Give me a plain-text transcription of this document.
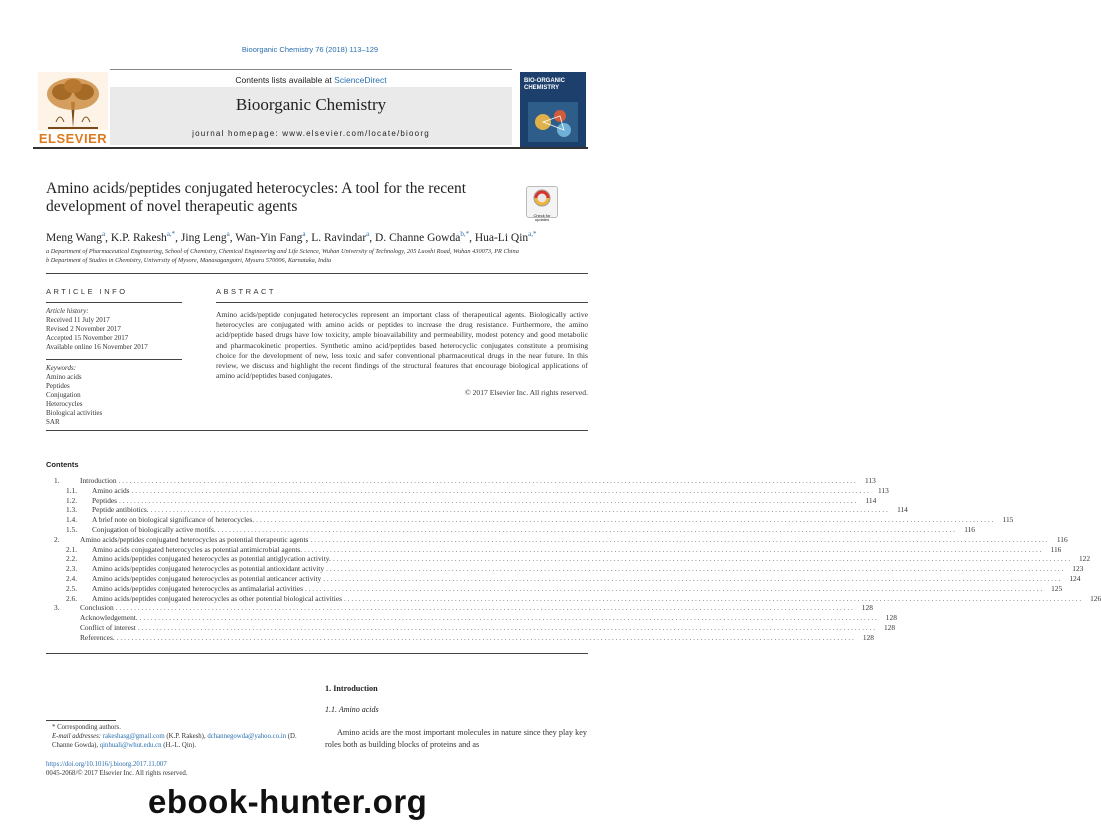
Bioorganic Chemistry 76 (2018) 113–129
ELSEVIER
Contents lists available at ScienceDirect
Bioorganic Chemistry
journal homepage: www.elsevier.com/locate/bioorg
BIO-ORGANIC CHEMISTRY
Amino acids/peptides conjugated heterocycles: A tool for the recent development of novel therapeutic agents
Check for updates
Meng Wang$^a$, K.P. Rakesh$^{a,*}$, Jing Leng$^a$, Wan-Yin Fang$^a$, L. Ravindar$^a$, D. Channe Gowda$^{b,*}$, Hua-Li Qin$^{a,*}$
a Department of Pharmaceutical Engineering, School of Chemistry, Chemical Engineering and Life Science, Wuhan University of Technology, 205 Luoshi Road, Wuhan 430073, PR China
b Department of Studies in Chemistry, University of Mysore, Manasagangotri, Mysuru 570006, Karnataka, India
ARTICLE INFO
Article history:
Received 11 July 2017
Revised 2 November 2017
Accepted 15 November 2017
Available online 16 November 2017
Keywords:
Amino acids
Peptides
Conjugation
Heterocycles
Biological activities
SAR
ABSTRACT
Amino acids/peptide conjugated heterocycles represent an important class of therapeutical agents. Biologically active heterocycles are conjugated with amino acids or peptides to increase the drug resistance. Furthermore, the amino acid/peptide based drugs have low toxicity, ample bioavailability and permeability, modest potency and good metabolic and pharmacokinetic properties. Synthetic amino acid/peptides based heterocyclic conjugates constitute a promising choice for the development of new, less toxic and safer conventional pharmaceutical drugs in the near future. In this review, we discuss and highlight the recent findings of the structural features that encourage biological applications of amino acid/peptides based conjugates.
© 2017 Elsevier Inc. All rights reserved.
Contents
1.	Introduction . . . . . . . . . . . . . . . . . . . . . . . . . . . . . . . . . . . . . . . . . . . . . . . . . . . . . . . . . . . . . . . . . . . . . . . . . . . . . . . . . . . . . . . . . . . . . . . . . . . . . . . . . . . . . . . . . . . . . . . . . . . . . . . . . . . . . . . . . . . . . . . . . . . . . . . . . . . . . . . . . . . . . . . . . . . . . . . . . . . . . . . . . . . . . . . . . . . . . . . .	113
1.1.	Amino acids . . . . . . . . . . . . . . . . . . . . . . . . . . . . . . . . . . . . . . . . . . . . . . . . . . . . . . . . . . . . . . . . . . . . . . . . . . . . . . . . . . . . . . . . . . . . . . . . . . . . . . . . . . . . . . . . . . . . . . . . . . . . . . . . . . . . . . . . . . . . . . . . . . . . . . . . . . . . . . . . . . . . . . . . . . . . . . . . . . . . . . . . . . . . . . . . . . . . . . . .	113
1.2.	Peptides . . . . . . . . . . . . . . . . . . . . . . . . . . . . . . . . . . . . . . . . . . . . . . . . . . . . . . . . . . . . . . . . . . . . . . . . . . . . . . . . . . . . . . . . . . . . . . . . . . . . . . . . . . . . . . . . . . . . . . . . . . . . . . . . . . . . . . . . . . . . . . . . . . . . . . . . . . . . . . . . . . . . . . . . . . . . . . . . . . . . . . . . . . . . . . . . . . . . . . . .	114
1.3.	Peptide antibiotics. . . . . . . . . . . . . . . . . . . . . . . . . . . . . . . . . . . . . . . . . . . . . . . . . . . . . . . . . . . . . . . . . . . . . . . . . . . . . . . . . . . . . . . . . . . . . . . . . . . . . . . . . . . . . . . . . . . . . . . . . . . . . . . . . . . . . . . . . . . . . . . . . . . . . . . . . . . . . . . . . . . . . . . . . . . . . . . . . . . . . . . . . . . . . . . . . . . . . . . . .	114
1.4.	A brief note on biological significance of heterocycles. . . . . . . . . . . . . . . . . . . . . . . . . . . . . . . . . . . . . . . . . . . . . . . . . . . . . . . . . . . . . . . . . . . . . . . . . . . . . . . . . . . . . . . . . . . . . . . . . . . . . . . . . . . . . . . . . . . . . . . . . . . . . . . . . . . . . . . . . . . . . . . . . . . . . . . . . . . . . . . . . . . . . . . . . . . . . . . . . . . . . . . . . . . . . . . . . . . . . . . . .	115
1.5.	Conjugation of biologically active motifs. . . . . . . . . . . . . . . . . . . . . . . . . . . . . . . . . . . . . . . . . . . . . . . . . . . . . . . . . . . . . . . . . . . . . . . . . . . . . . . . . . . . . . . . . . . . . . . . . . . . . . . . . . . . . . . . . . . . . . . . . . . . . . . . . . . . . . . . . . . . . . . . . . . . . . . . . . . . . . . . . . . . . . . . . . . . . . . . . . . . . . . . . . . . . . . . . . . . . . . . .	116
2.	Amino acids/peptides conjugated heterocycles as potential therapeutic agents . . . . . . . . . . . . . . . . . . . . . . . . . . . . . . . . . . . . . . . . . . . . . . . . . . . . . . . . . . . . . . . . . . . . . . . . . . . . . . . . . . . . . . . . . . . . . . . . . . . . . . . . . . . . . . . . . . . . . . . . . . . . . . . . . . . . . . . . . . . . . . . . . . . . . . . . . . . . . . . . . . . . . . . . . . . . . . . . . . . . . . . . . . . . . . . . . . . . . . . .	116
2.1.	Amino acids conjugated heterocycles as potential antimicrobial agents. . . . . . . . . . . . . . . . . . . . . . . . . . . . . . . . . . . . . . . . . . . . . . . . . . . . . . . . . . . . . . . . . . . . . . . . . . . . . . . . . . . . . . . . . . . . . . . . . . . . . . . . . . . . . . . . . . . . . . . . . . . . . . . . . . . . . . . . . . . . . . . . . . . . . . . . . . . . . . . . . . . . . . . . . . . . . . . . . . . . . . . . . . . . . . . . . . . . . . . . .	116
2.2.	Amino acids/peptides conjugated heterocycles as potential antiglycation activity. . . . . . . . . . . . . . . . . . . . . . . . . . . . . . . . . . . . . . . . . . . . . . . . . . . . . . . . . . . . . . . . . . . . . . . . . . . . . . . . . . . . . . . . . . . . . . . . . . . . . . . . . . . . . . . . . . . . . . . . . . . . . . . . . . . . . . . . . . . . . . . . . . . . . . . . . . . . . . . . . . . . . . . . . . . . . . . . . . . . . . . . . . . . . . . . . . . . . . . . .	122
2.3.	Amino acids/peptides conjugated heterocycles as potential antioxidant activity . . . . . . . . . . . . . . . . . . . . . . . . . . . . . . . . . . . . . . . . . . . . . . . . . . . . . . . . . . . . . . . . . . . . . . . . . . . . . . . . . . . . . . . . . . . . . . . . . . . . . . . . . . . . . . . . . . . . . . . . . . . . . . . . . . . . . . . . . . . . . . . . . . . . . . . . . . . . . . . . . . . . . . . . . . . . . . . . . . . . . . . . . . . . . . . . . . . . . . . .	123
2.4.	Amino acids/peptides conjugated heterocycles as potential anticancer activity . . . . . . . . . . . . . . . . . . . . . . . . . . . . . . . . . . . . . . . . . . . . . . . . . . . . . . . . . . . . . . . . . . . . . . . . . . . . . . . . . . . . . . . . . . . . . . . . . . . . . . . . . . . . . . . . . . . . . . . . . . . . . . . . . . . . . . . . . . . . . . . . . . . . . . . . . . . . . . . . . . . . . . . . . . . . . . . . . . . . . . . . . . . . . . . . . . . . . . . .	124
2.5.	Amino acids/peptides conjugated heterocycles as antimalarial activities . . . . . . . . . . . . . . . . . . . . . . . . . . . . . . . . . . . . . . . . . . . . . . . . . . . . . . . . . . . . . . . . . . . . . . . . . . . . . . . . . . . . . . . . . . . . . . . . . . . . . . . . . . . . . . . . . . . . . . . . . . . . . . . . . . . . . . . . . . . . . . . . . . . . . . . . . . . . . . . . . . . . . . . . . . . . . . . . . . . . . . . . . . . . . . . . . . . . . . . .	125
2.6.	Amino acids/peptides conjugated heterocycles as other potential biological activities . . . . . . . . . . . . . . . . . . . . . . . . . . . . . . . . . . . . . . . . . . . . . . . . . . . . . . . . . . . . . . . . . . . . . . . . . . . . . . . . . . . . . . . . . . . . . . . . . . . . . . . . . . . . . . . . . . . . . . . . . . . . . . . . . . . . . . . . . . . . . . . . . . . . . . . . . . . . . . . . . . . . . . . . . . . . . . . . . . . . . . . . . . . . . . . . . . . . . . . .	126
3.	Conclusion . . . . . . . . . . . . . . . . . . . . . . . . . . . . . . . . . . . . . . . . . . . . . . . . . . . . . . . . . . . . . . . . . . . . . . . . . . . . . . . . . . . . . . . . . . . . . . . . . . . . . . . . . . . . . . . . . . . . . . . . . . . . . . . . . . . . . . . . . . . . . . . . . . . . . . . . . . . . . . . . . . . . . . . . . . . . . . . . . . . . . . . . . . . . . . . . . . . . . . . .	128
Acknowledgement. . . . . . . . . . . . . . . . . . . . . . . . . . . . . . . . . . . . . . . . . . . . . . . . . . . . . . . . . . . . . . . . . . . . . . . . . . . . . . . . . . . . . . . . . . . . . . . . . . . . . . . . . . . . . . . . . . . . . . . . . . . . . . . . . . . . . . . . . . . . . . . . . . . . . . . . . . . . . . . . . . . . . . . . . . . . . . . . . . . . . . . . . . . . . . . . . . . . . . . . .	128
Conflict of interest . . . . . . . . . . . . . . . . . . . . . . . . . . . . . . . . . . . . . . . . . . . . . . . . . . . . . . . . . . . . . . . . . . . . . . . . . . . . . . . . . . . . . . . . . . . . . . . . . . . . . . . . . . . . . . . . . . . . . . . . . . . . . . . . . . . . . . . . . . . . . . . . . . . . . . . . . . . . . . . . . . . . . . . . . . . . . . . . . . . . . . . . . . . . . . . . . . . . . . . .	128
References. . . . . . . . . . . . . . . . . . . . . . . . . . . . . . . . . . . . . . . . . . . . . . . . . . . . . . . . . . . . . . . . . . . . . . . . . . . . . . . . . . . . . . . . . . . . . . . . . . . . . . . . . . . . . . . . . . . . . . . . . . . . . . . . . . . . . . . . . . . . . . . . . . . . . . . . . . . . . . . . . . . . . . . . . . . . . . . . . . . . . . . . . . . . . . . . . . . . . . . . .	128
1. Introduction
1.1. Amino acids
Amino acids are the most important molecules in nature since they play key roles both as building blocks of proteins and as
* Corresponding authors.
E-mail addresses: rakeshasg@gmail.com (K.P. Rakesh), dchannegowda@yahoo.co.in (D. Channe Gowda), qinhuali@whut.edu.cn (H.-L. Qin).
https://doi.org/10.1016/j.bioorg.2017.11.007
0045-2068/© 2017 Elsevier Inc. All rights reserved.
ebook-hunter.org
